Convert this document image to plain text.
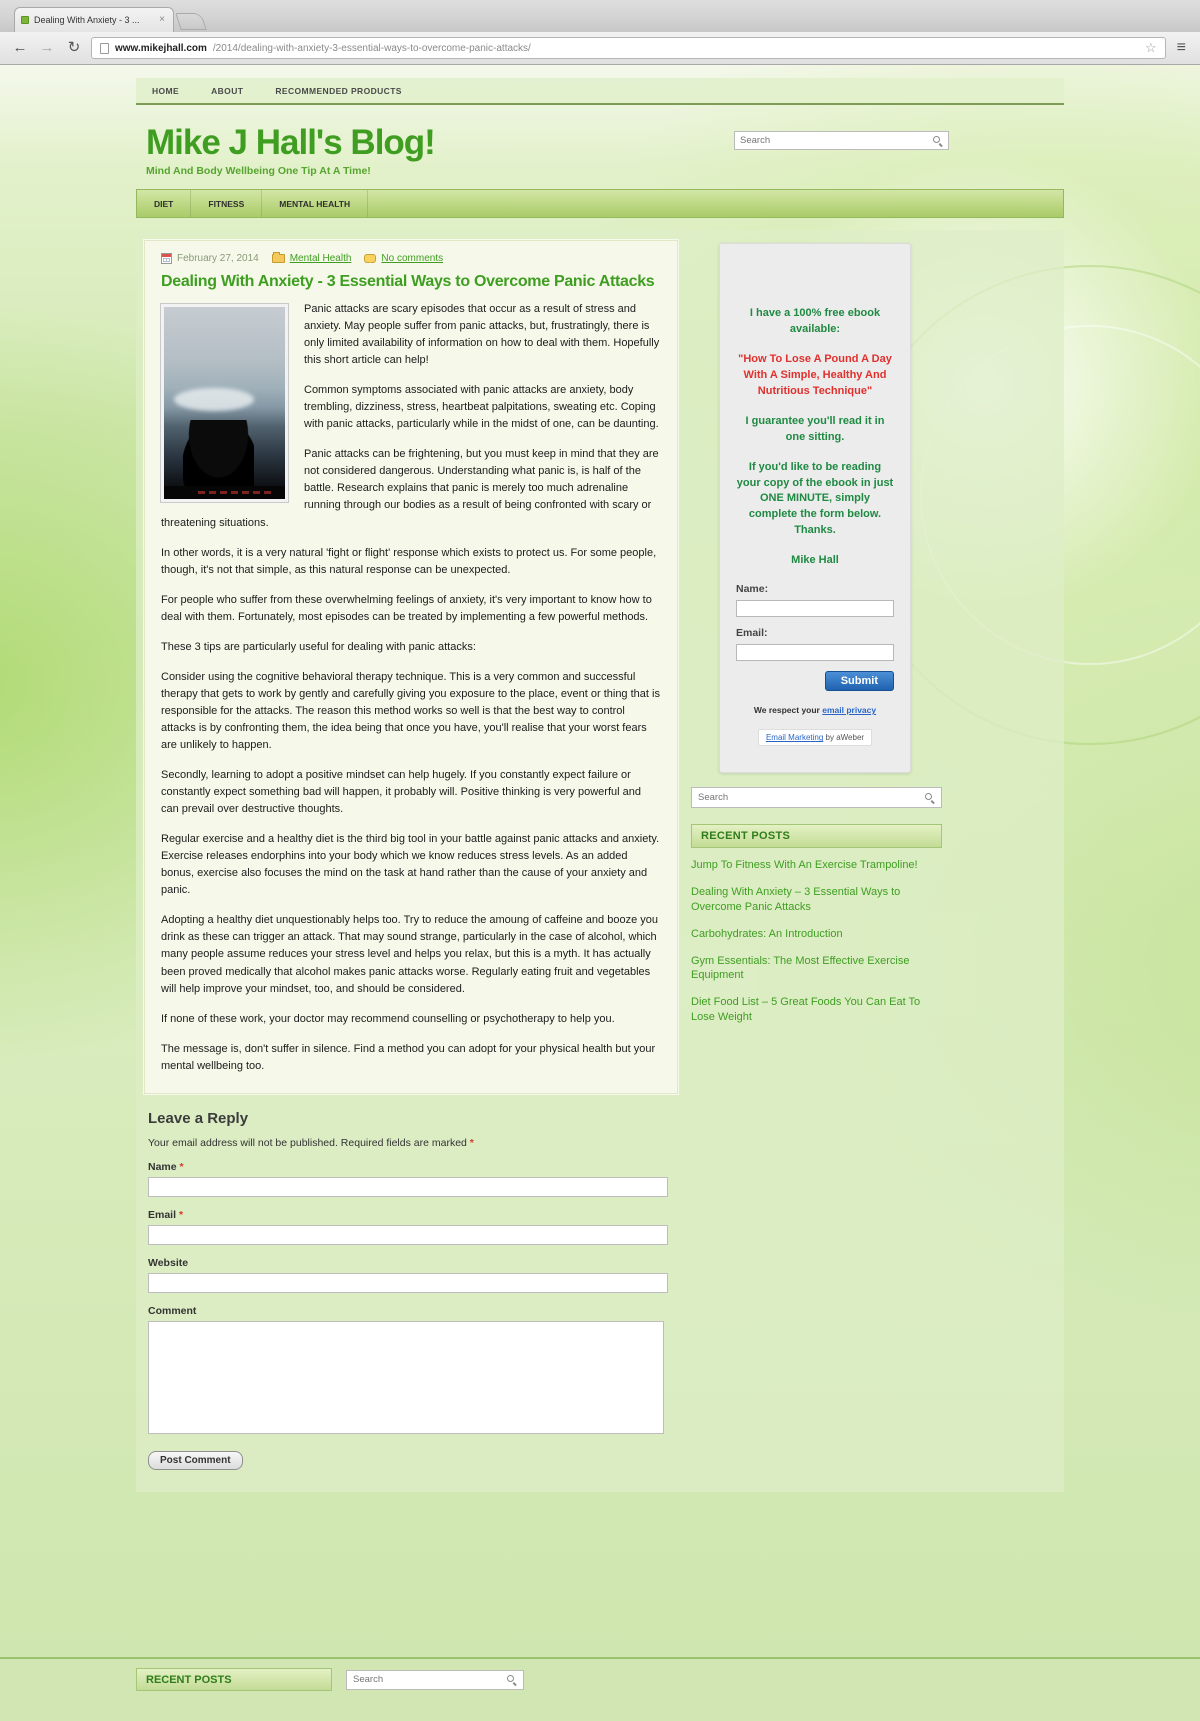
Dealing With Anxiety - 3 ...	×
← → ↻	www.mikejhall.com /2014/dealing-with-anxiety-3-essential-ways-to-overcome-panic-attacks/	☆ ≡
HOME	ABOUT	RECOMMENDED PRODUCTS
Mike J Hall's Blog!
Mind And Body Wellbeing One Tip At A Time!
Search
DIET	FITNESS	MENTAL HEALTH
February 27, 2014	Mental Health	No comments
Dealing With Anxiety - 3 Essential Ways to Overcome Panic Attacks

Panic attacks are scary episodes that occur as a result of stress and anxiety. May people suffer from panic attacks, but, frustratingly, there is only limited availability of information on how to deal with them. Hopefully this short article can help!

Common symptoms associated with panic attacks are anxiety, body trembling, dizziness, stress, heartbeat palpitations, sweating etc. Coping with panic attacks, particularly while in the midst of one, can be daunting.

Panic attacks can be frightening, but you must keep in mind that they are not considered dangerous. Understanding what panic is, is half of the battle. Research explains that panic is merely too much adrenaline running through our bodies as a result of being confronted with scary or threatening situations.

In other words, it is a very natural 'fight or flight' response which exists to protect us. For some people, though, it's not that simple, as this natural response can be unexpected.

For people who suffer from these overwhelming feelings of anxiety, it's very important to know how to deal with them. Fortunately, most episodes can be treated by implementing a few powerful methods.

These 3 tips are particularly useful for dealing with panic attacks:

Consider using the cognitive behavioral therapy technique. This is a very common and successful therapy that gets to work by gently and carefully giving you exposure to the place, event or thing that is responsible for the attacks. The reason this method works so well is that the best way to control attacks is by confronting them, the idea being that once you have, you'll realise that your worst fears are unlikely to happen.

Secondly, learning to adopt a positive mindset can help hugely. If you constantly expect failure or constantly expect something bad will happen, it probably will. Positive thinking is very powerful and can prevail over destructive thoughts.

Regular exercise and a healthy diet is the third big tool in your battle against panic attacks and anxiety. Exercise releases endorphins into your body which we know reduces stress levels. As an added bonus, exercise also focuses the mind on the task at hand rather than the cause of your anxiety and panic.

Adopting a healthy diet unquestionably helps too. Try to reduce the amoung of caffeine and booze you drink as these can trigger an attack. That may sound strange, particularly in the case of alcohol, which many people assume reduces your stress level and helps you relax, but this is a myth. It has actually been proved medically that alcohol makes panic attacks worse. Regularly eating fruit and vegetables will help improve your mindset, too, and should be considered.

If none of these work, your doctor may recommend counselling or psychotherapy to help you.

The message is, don't suffer in silence. Find a method you can adopt for your physical health but your mental wellbeing too.

Leave a Reply
Your email address will not be published. Required fields are marked *
Name *
Email *
Website
Comment
Post Comment

I have a 100% free ebook available:

"How To Lose A Pound A Day With A Simple, Healthy And Nutritious Technique"

I guarantee you'll read it in one sitting.

If you'd like to be reading your copy of the ebook in just ONE MINUTE, simply complete the form below. Thanks.

Mike Hall

Name:
Email:
Submit
We respect your email privacy
Email Marketing by aWeber
Search
RECENT POSTS
Jump To Fitness With An Exercise Trampoline!
Dealing With Anxiety – 3 Essential Ways to Overcome Panic Attacks
Carbohydrates: An Introduction
Gym Essentials: The Most Effective Exercise Equipment
Diet Food List – 5 Great Foods You Can Eat To Lose Weight
RECENT POSTS
Search
